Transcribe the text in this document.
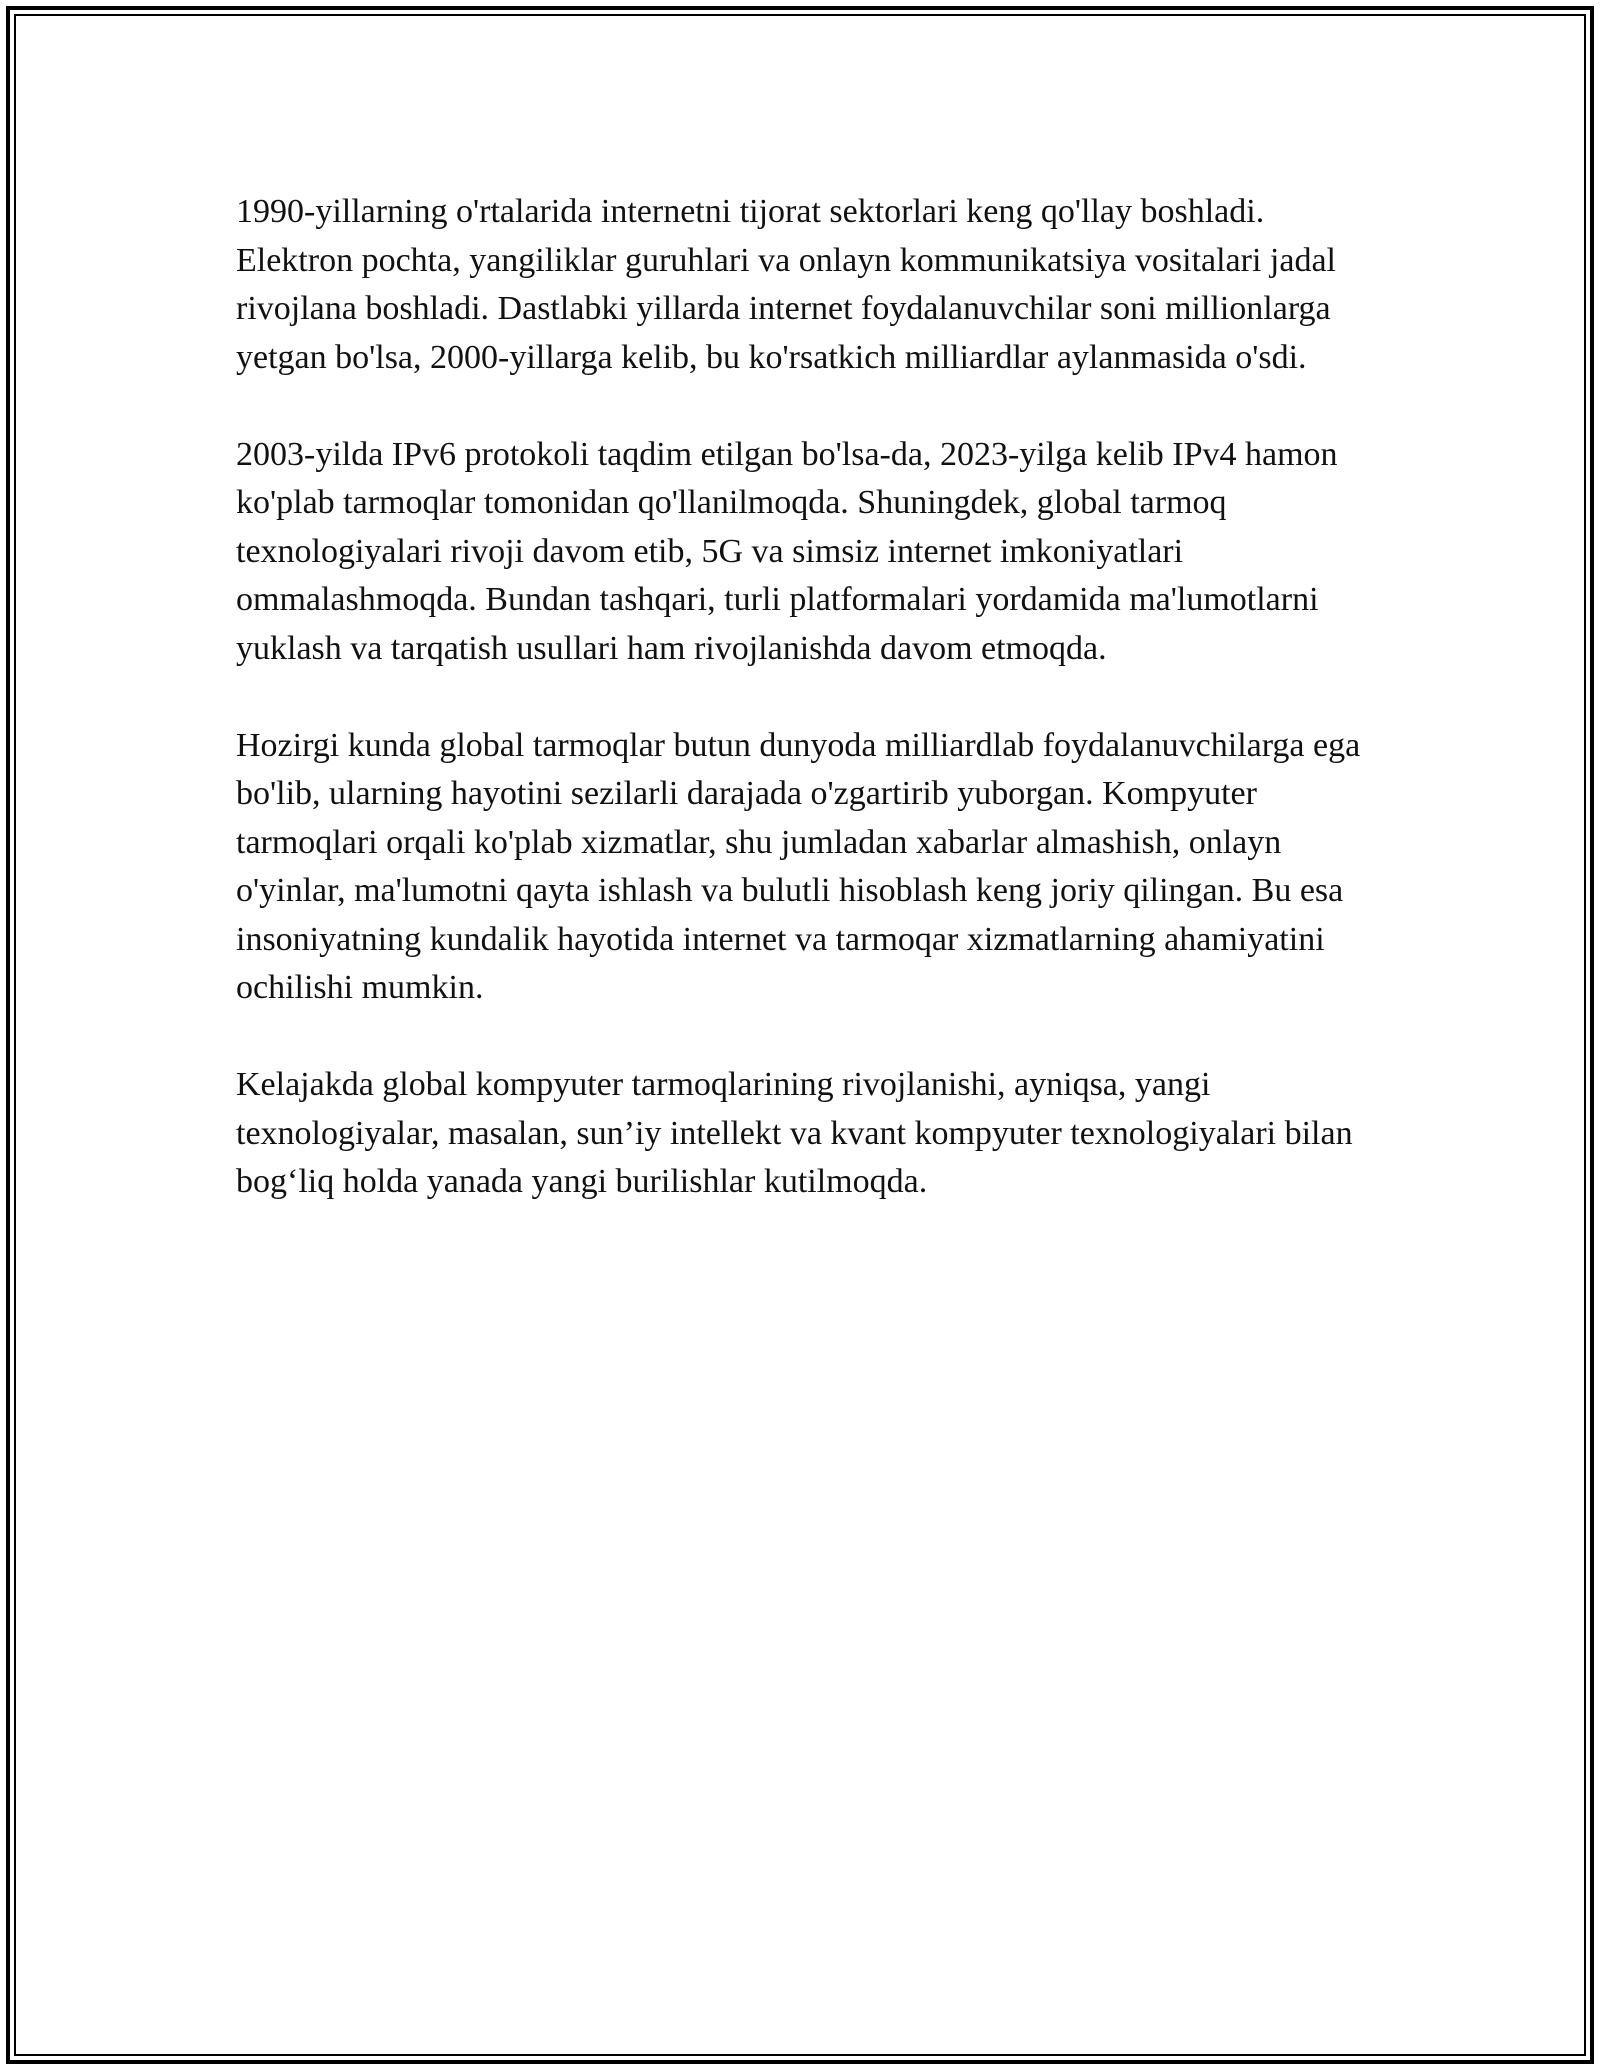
1990-yillarning o'rtalarida internetni tijorat sektorlari keng qo'llay boshladi. Elektron pochta, yangiliklar guruhlari va onlayn kommunikatsiya vositalari jadal rivojlana boshladi. Dastlabki yillarda internet foydalanuvchilar soni millionlarga yetgan bo'lsa, 2000-yillarga kelib, bu ko'rsatkich milliardlar aylanmasida o'sdi.

2003-yilda IPv6 protokoli taqdim etilgan bo'lsa-da, 2023-yilga kelib IPv4 hamon ko'plab tarmoqlar tomonidan qo'llanilmoqda. Shuningdek, global tarmoq texnologiyalari rivoji davom etib, 5G va simsiz internet imkoniyatlari ommalashmoqda. Bundan tashqari, turli platformalari yordamida ma'lumotlarni yuklash va tarqatish usullari ham rivojlanishda davom etmoqda.

Hozirgi kunda global tarmoqlar butun dunyoda milliardlab foydalanuvchilarga ega bo'lib, ularning hayotini sezilarli darajada o'zgartirib yuborgan. Kompyuter tarmoqlari orqali ko'plab xizmatlar, shu jumladan xabarlar almashish, onlayn o'yinlar, ma'lumotni qayta ishlash va bulutli hisoblash keng joriy qilingan. Bu esa insoniyatning kundalik hayotida internet va tarmoqar xizmatlarning ahamiyatini ochilishi mumkin.

Kelajakda global kompyuter tarmoqlarining rivojlanishi, ayniqsa, yangi texnologiyalar, masalan, sun’iy intellekt va kvant kompyuter texnologiyalari bilan bog‘liq holda yanada yangi burilishlar kutilmoqda.
